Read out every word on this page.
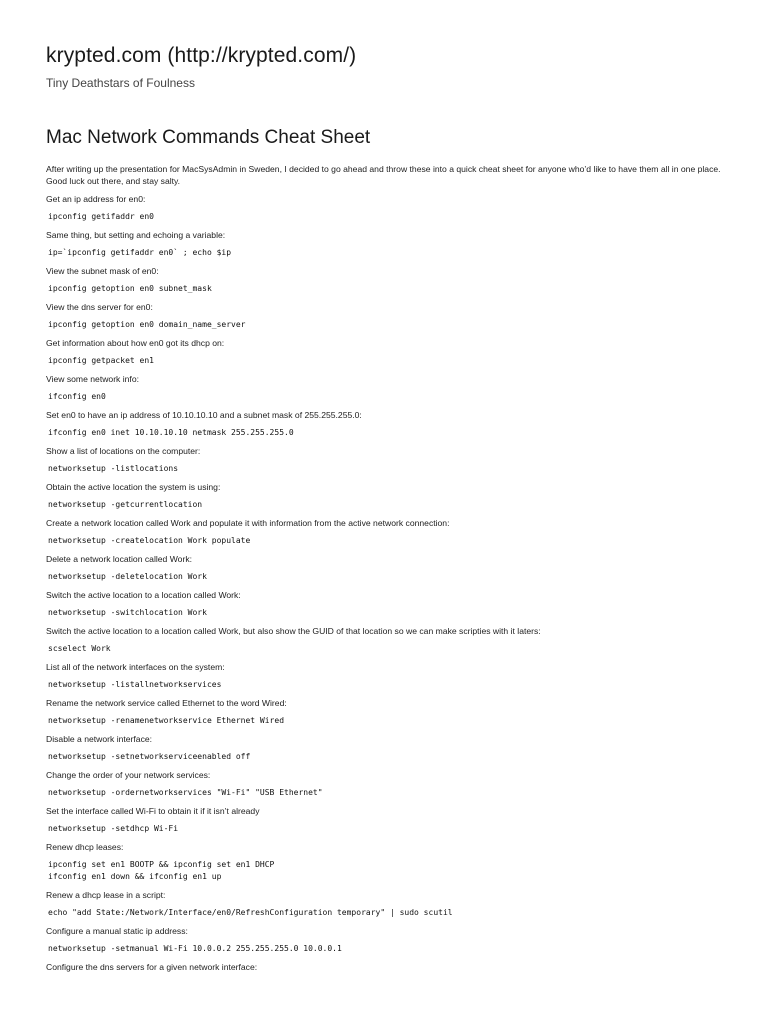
krypted.com (http://krypted.com/)
Tiny Deathstars of Foulness
Mac Network Commands Cheat Sheet

After writing up the presentation for MacSysAdmin in Sweden, I decided to go ahead and throw these into a quick cheat sheet for anyone who’d like to have them all in one place. Good luck out there, and stay salty.

Get an ip address for en0:

ipconfig getifaddr en0

Same thing, but setting and echoing a variable:

ip=`ipconfig getifaddr en0` ; echo $ip

View the subnet mask of en0:

ipconfig getoption en0 subnet_mask

View the dns server for en0:

ipconfig getoption en0 domain_name_server

Get information about how en0 got its dhcp on:

ipconfig getpacket en1

View some network info:

ifconfig en0

Set en0 to have an ip address of 10.10.10.10 and a subnet mask of 255.255.255.0:

ifconfig en0 inet 10.10.10.10 netmask 255.255.255.0

Show a list of locations on the computer:

networksetup -listlocations

Obtain the active location the system is using:

networksetup -getcurrentlocation

Create a network location called Work and populate it with information from the active network connection:

networksetup -createlocation Work populate

Delete a network location called Work:

networksetup -deletelocation Work

Switch the active location to a location called Work:

networksetup -switchlocation Work

Switch the active location to a location called Work, but also show the GUID of that location so we can make scripties with it laters:

scselect Work

List all of the network interfaces on the system:

networksetup -listallnetworkservices

Rename the network service called Ethernet to the word Wired:

networksetup -renamenetworkservice Ethernet Wired

Disable a network interface:

networksetup -setnetworkserviceenabled off

Change the order of your network services:

networksetup -ordernetworkservices "Wi-Fi" "USB Ethernet"

Set the interface called Wi-Fi to obtain it if it isn’t already

networksetup -setdhcp Wi-Fi

Renew dhcp leases:

ipconfig set en1 BOOTP && ipconfig set en1 DHCP
ifconfig en1 down && ifconfig en1 up

Renew a dhcp lease in a script:

echo "add State:/Network/Interface/en0/RefreshConfiguration temporary" | sudo scutil

Configure a manual static ip address:

networksetup -setmanual Wi-Fi 10.0.0.2 255.255.255.0 10.0.0.1

Configure the dns servers for a given network interface:
